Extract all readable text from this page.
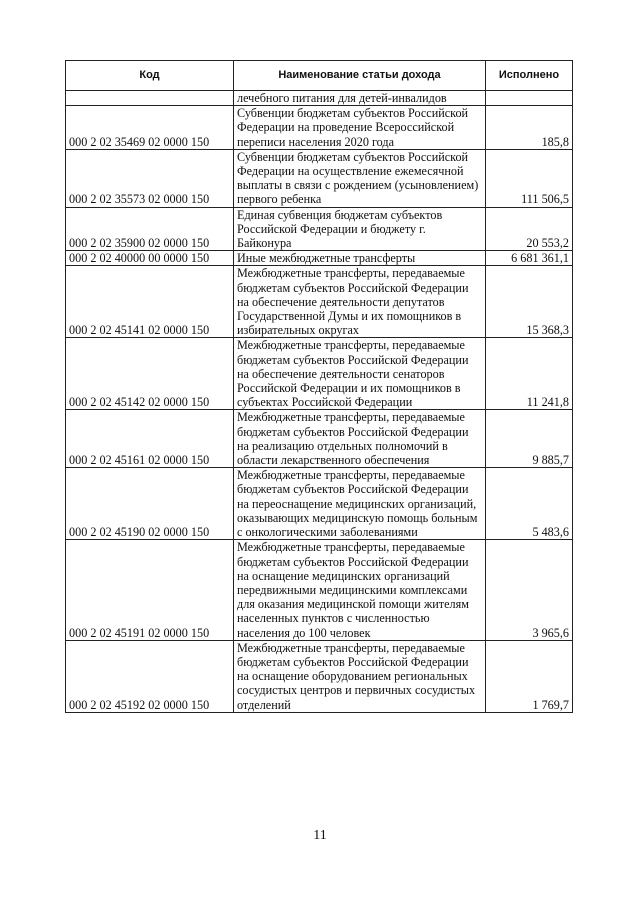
Код	Наименование статьи дохода	Исполнено
	лечебного питания для детей-инвалидов	
000 2 02 35469 02 0000 150	Субвенции бюджетам субъектов Российской Федерации на проведение Всероссийской переписи населения 2020 года	185,8
000 2 02 35573 02 0000 150	Субвенции бюджетам субъектов Российской Федерации на осуществление ежемесячной выплаты в связи с рождением (усыновлением) первого ребенка	111 506,5
000 2 02 35900 02 0000 150	Единая субвенция бюджетам субъектов Российской Федерации и бюджету г. Байконура	20 553,2
000 2 02 40000 00 0000 150	Иные межбюджетные трансферты	6 681 361,1
000 2 02 45141 02 0000 150	Межбюджетные трансферты, передаваемые бюджетам субъектов Российской Федерации на обеспечение деятельности депутатов Государственной Думы и их помощников в избирательных округах	15 368,3
000 2 02 45142 02 0000 150	Межбюджетные трансферты, передаваемые бюджетам субъектов Российской Федерации на обеспечение деятельности сенаторов Российской Федерации и их помощников в субъектах Российской Федерации	11 241,8
000 2 02 45161 02 0000 150	Межбюджетные трансферты, передаваемые бюджетам субъектов Российской Федерации на реализацию отдельных полномочий в области лекарственного обеспечения	9 885,7
000 2 02 45190 02 0000 150	Межбюджетные трансферты, передаваемые бюджетам субъектов Российской Федерации на переоснащение медицинских организаций, оказывающих медицинскую помощь больным с онкологическими заболеваниями	5 483,6
000 2 02 45191 02 0000 150	Межбюджетные трансферты, передаваемые бюджетам субъектов Российской Федерации на оснащение медицинских организаций передвижными медицинскими комплексами для оказания медицинской помощи жителям населенных пунктов с численностью населения до 100 человек	3 965,6
000 2 02 45192 02 0000 150	Межбюджетные трансферты, передаваемые бюджетам субъектов Российской Федерации на оснащение оборудованием региональных сосудистых центров и первичных сосудистых отделений	1 769,7
11
